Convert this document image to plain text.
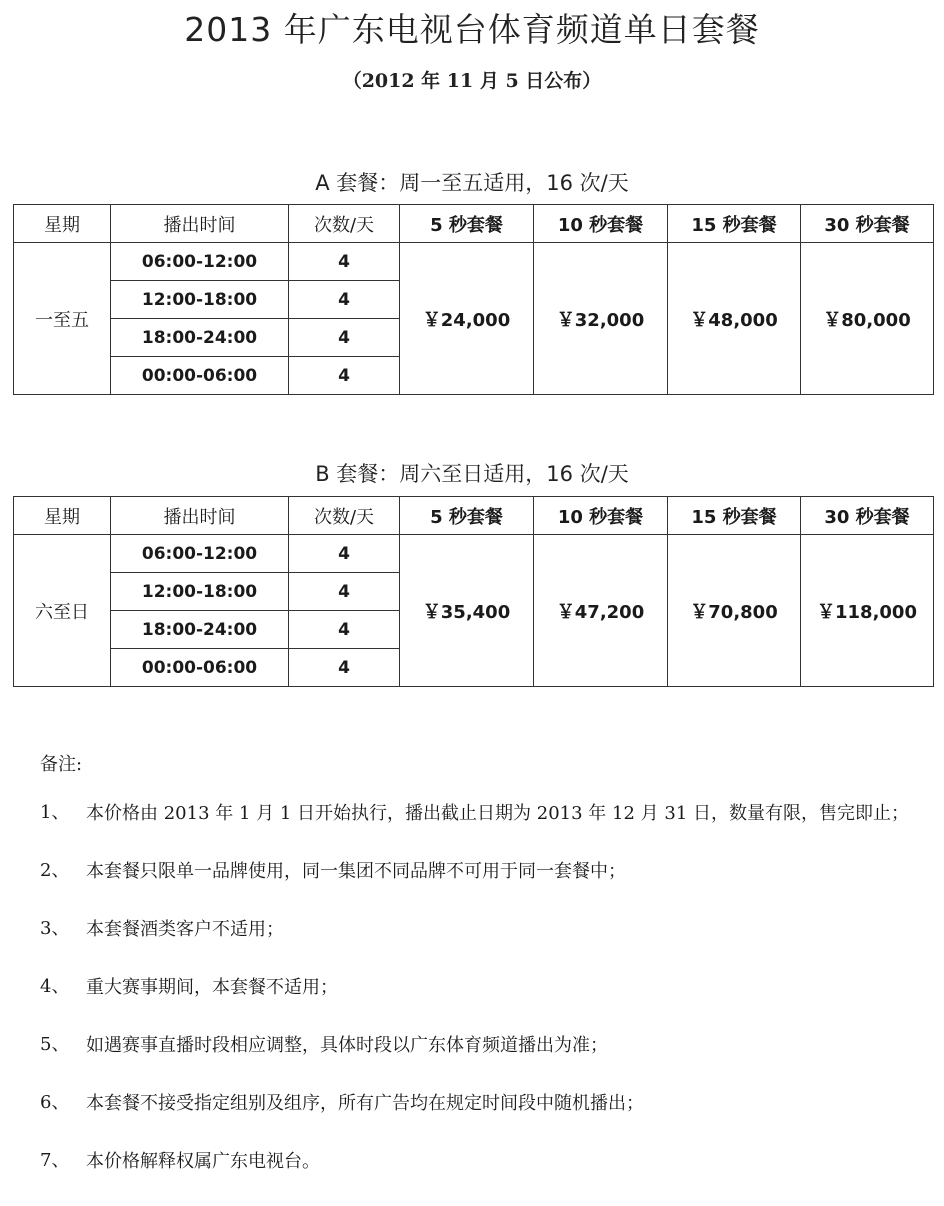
2013 年广东电视台体育频道单日套餐
（2012 年 11 月 5 日公布）
A 套餐：周一至五适用，16 次/天
星期	播出时间	次数/天	5 秒套餐	10 秒套餐	15 秒套餐	30 秒套餐
一至五	06:00-12:00	4	￥24,000	￥32,000	￥48,000	￥80,000
	12:00-18:00	4				
	18:00-24:00	4				
	00:00-06:00	4				
B 套餐：周六至日适用，16 次/天
星期	播出时间	次数/天	5 秒套餐	10 秒套餐	15 秒套餐	30 秒套餐
六至日	06:00-12:00	4	￥35,400	￥47,200	￥70,800	￥118,000
	12:00-18:00	4				
	18:00-24:00	4				
	00:00-06:00	4				
备注:
1、 本价格由 2013 年 1 月 1 日开始执行，播出截止日期为 2013 年 12 月 31 日，数量有限，售完即止；
2、 本套餐只限单一品牌使用，同一集团不同品牌不可用于同一套餐中；
3、 本套餐酒类客户不适用；
4、 重大赛事期间，本套餐不适用；
5、 如遇赛事直播时段相应调整，具体时段以广东体育频道播出为准；
6、 本套餐不接受指定组别及组序，所有广告均在规定时间段中随机播出；
7、 本价格解释权属广东电视台。
